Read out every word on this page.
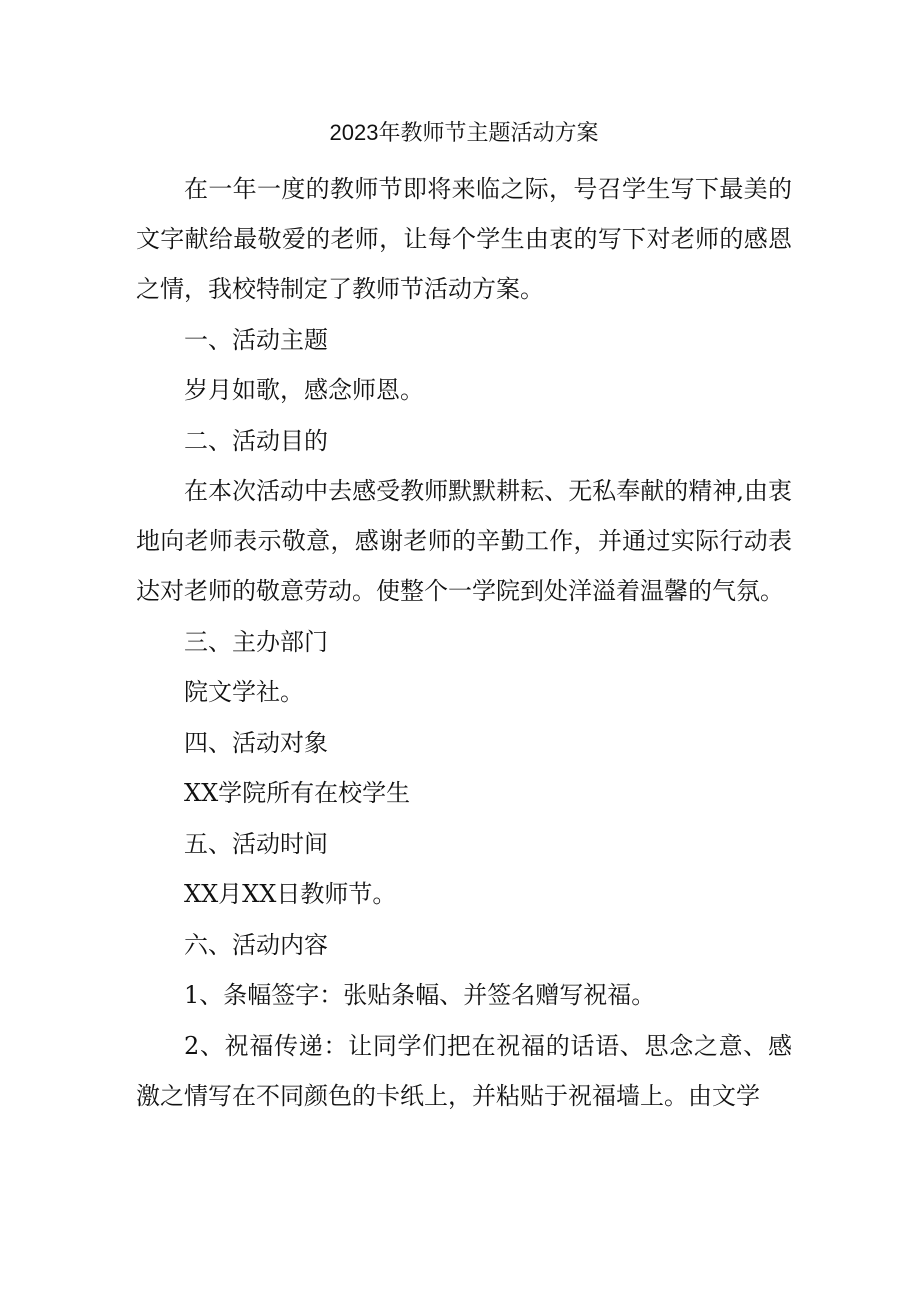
2023年教师节主题活动方案

在一年一度的教师节即将来临之际，号召学生写下最美的文字献给最敬爱的老师，让每个学生由衷的写下对老师的感恩之情，我校特制定了教师节活动方案。

一、活动主题

岁月如歌，感念师恩。

二、活动目的

在本次活动中去感受教师默默耕耘、无私奉献的精神,由衷地向老师表示敬意，感谢老师的辛勤工作，并通过实际行动表达对老师的敬意劳动。使整个一学院到处洋溢着温馨的气氛。

三、主办部门

院文学社。

四、活动对象

XX学院所有在校学生

五、活动时间

XX月XX日教师节。

六、活动内容

1、条幅签字：张贴条幅、并签名赠写祝福。

2、祝福传递：让同学们把在祝福的话语、思念之意、感激之情写在不同颜色的卡纸上，并粘贴于祝福墙上。由文学
